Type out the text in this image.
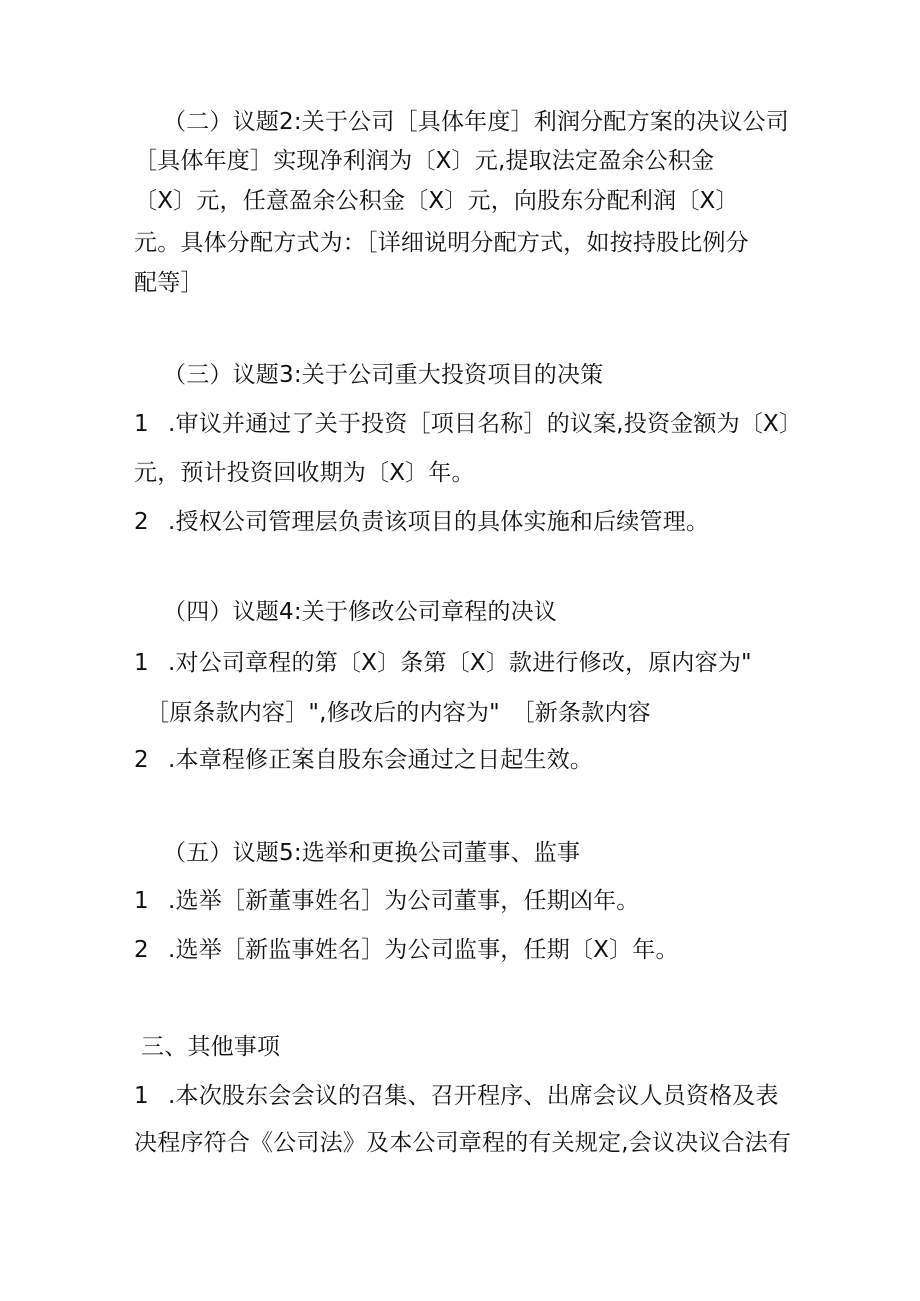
（二）议题2:关于公司［具体年度］利润分配方案的决议公司
［具体年度］实现净利润为〔X〕元,提取法定盈余公积金
〔X〕元，任意盈余公积金〔X〕元，向股东分配利润〔X〕
元。具体分配方式为：［详细说明分配方式，如按持股比例分
配等］
（三）议题3:关于公司重大投资项目的决策
1 .审议并通过了关于投资［项目名称］的议案,投资金额为〔X〕
元，预计投资回收期为〔X〕年。
2 .授权公司管理层负责该项目的具体实施和后续管理。
（四）议题4:关于修改公司章程的决议
1 .对公司章程的第〔X〕条第〔X〕款进行修改，原内容为"
［原条款内容］",修改后的内容为"　［新条款内容
2 .本章程修正案自股东会通过之日起生效。
（五）议题5:选举和更换公司董事、监事
1 .选举［新董事姓名］为公司董事，任期凶年。
2 .选举［新监事姓名］为公司监事，任期〔X〕年。
三、其他事项
1 .本次股东会会议的召集、召开程序、出席会议人员资格及表
决程序符合《公司法》及本公司章程的有关规定,会议决议合法有
